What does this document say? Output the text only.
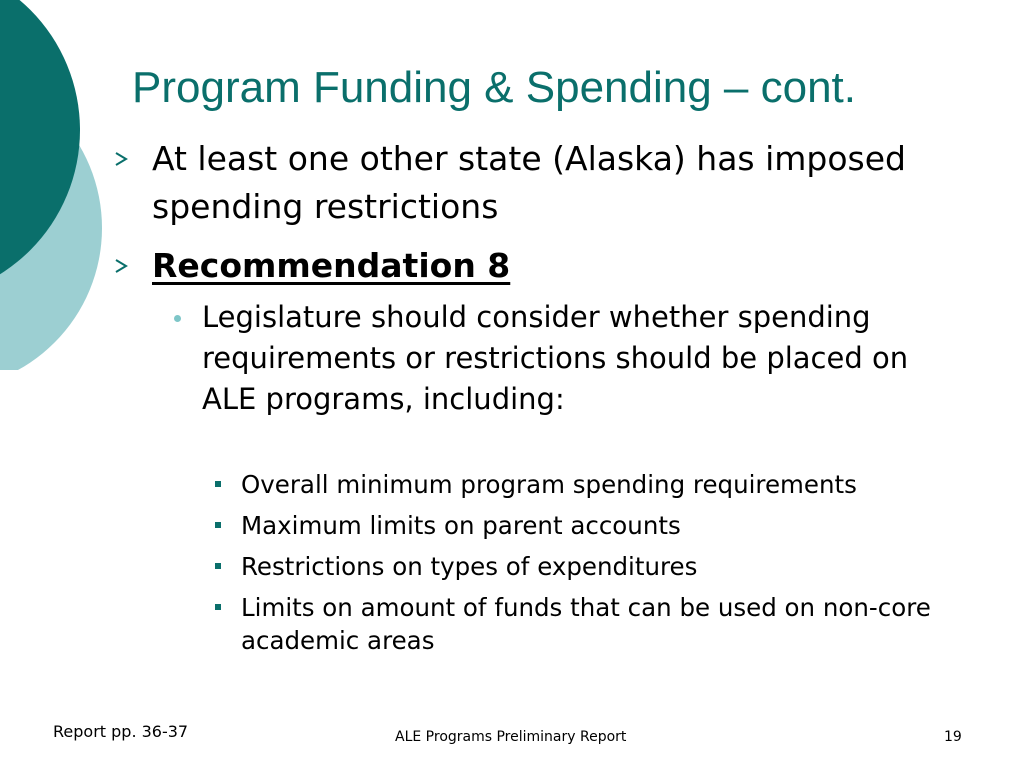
Program Funding & Spending – cont.
At least one other state (Alaska) has imposed spending restrictions
Recommendation 8
Legislature should consider whether spending requirements or restrictions should be placed on ALE programs, including:
Overall minimum program spending requirements
Maximum limits on parent accounts
Restrictions on types of expenditures
Limits on amount of funds that can be used on non-core academic areas
Report pp. 36-37	ALE Programs Preliminary Report	19
